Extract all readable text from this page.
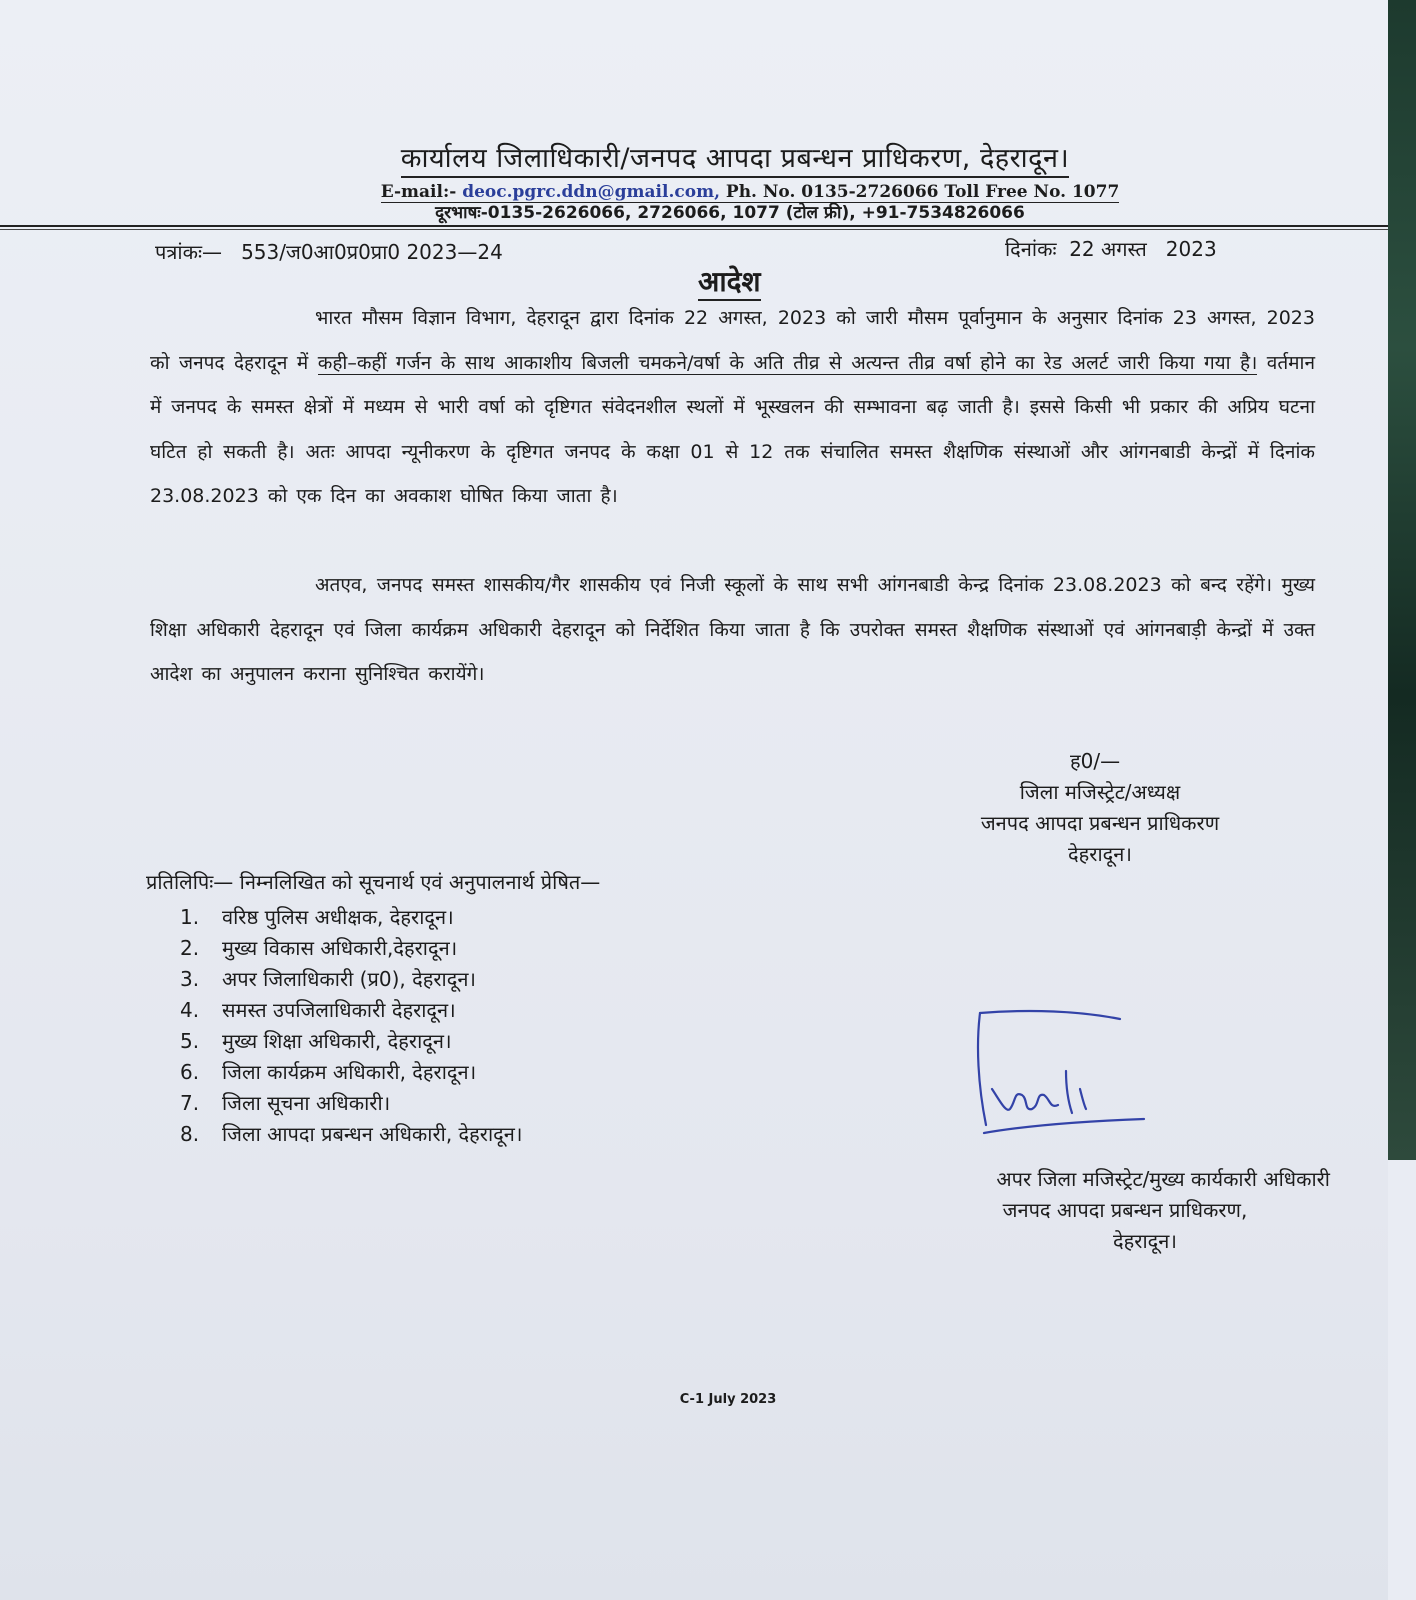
कार्यालय जिलाधिकारी/जनपद आपदा प्रबन्धन प्राधिकरण, देहरादून।
E-mail:- deoc.pgrc.ddn@gmail.com, Ph. No. 0135-2726066 Toll Free No. 1077
दूरभाषः-0135-2626066, 2726066, 1077 (टोल फ्री), +91-7534826066
पत्रांकः— 553/ज0आ0प्र0प्रा0 2023—24	दिनांकः 22 अगस्त   2023
आदेश
भारत मौसम विज्ञान विभाग, देहरादून द्वारा दिनांक 22 अगस्त, 2023 को जारी मौसम पूर्वानुमान के अनुसार दिनांक 23 अगस्त, 2023 को जनपद देहरादून में कही–कहीं गर्जन के साथ आकाशीय बिजली चमकने/वर्षा के अति तीव्र से अत्यन्त तीव्र वर्षा होने का रेड अलर्ट जारी किया गया है। वर्तमान में जनपद के समस्त क्षेत्रों में मध्यम से भारी वर्षा को दृष्टिगत संवेदनशील स्थलों में भूस्खलन की सम्भावना बढ़ जाती है। इससे किसी भी प्रकार की अप्रिय घटना घटित हो सकती है। अतः आपदा न्यूनीकरण के दृष्टिगत जनपद के कक्षा 01 से 12 तक संचालित समस्त शैक्षणिक संस्थाओं और आंगनबाडी केन्द्रों में दिनांक 23.08.2023 को एक दिन का अवकाश घोषित किया जाता है।
अतएव, जनपद समस्त शासकीय/गैर शासकीय एवं निजी स्कूलों के साथ सभी आंगनबाडी केन्द्र दिनांक 23.08.2023 को बन्द रहेंगे। मुख्य शिक्षा अधिकारी देहरादून एवं जिला कार्यक्रम अधिकारी देहरादून को निर्देशित किया जाता है कि उपरोक्त समस्त शैक्षणिक संस्थाओं एवं आंगनबाड़ी केन्द्रों में उक्त आदेश का अनुपालन कराना सुनिश्चित करायेंगे।
ह0/—
जिला मजिस्ट्रेट/अध्यक्ष
जनपद आपदा प्रबन्धन प्राधिकरण
देहरादून।
प्रतिलिपिः— निम्नलिखित को सूचनार्थ एवं अनुपालनार्थ प्रेषित—
1.	वरिष्ठ पुलिस अधीक्षक, देहरादून।
2.	मुख्य विकास अधिकारी,देहरादून।
3.	अपर जिलाधिकारी (प्र0), देहरादून।
4.	समस्त उपजिलाधिकारी देहरादून।
5.	मुख्य शिक्षा अधिकारी, देहरादून।
6.	जिला कार्यक्रम अधिकारी, देहरादून।
7.	जिला सूचना अधिकारी।
8.	जिला आपदा प्रबन्धन अधिकारी, देहरादून।
अपर जिला मजिस्ट्रेट/मुख्य कार्यकारी अधिकारी
जनपद आपदा प्रबन्धन प्राधिकरण,
देहरादून।
C-1 July 2023
